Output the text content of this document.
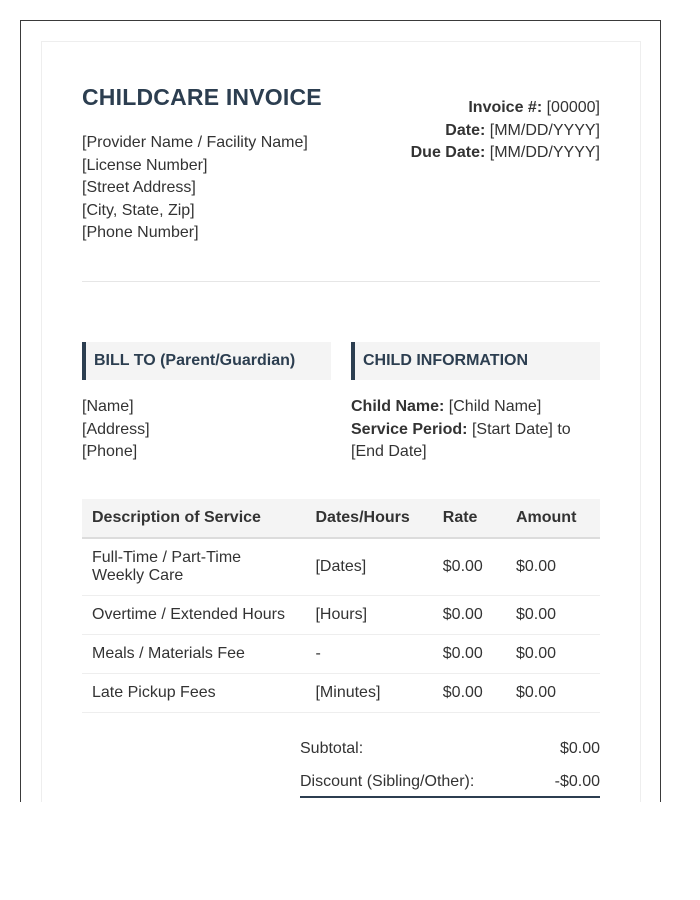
CHILDCARE INVOICE
[Provider Name / Facility Name]
[License Number]
[Street Address]
[City, State, Zip]
[Phone Number]
Invoice #: [00000]
Date: [MM/DD/YYYY]
Due Date: [MM/DD/YYYY]
BILL TO (Parent/Guardian)	CHILD INFORMATION
[Name]
[Address]
[Phone]
Child Name: [Child Name]
Service Period: [Start Date] to
[End Date]
Description of Service	Dates/Hours	Rate	Amount
Full-Time / Part-Time Weekly Care	[Dates]	$0.00	$0.00
Overtime / Extended Hours	[Hours]	$0.00	$0.00
Meals / Materials Fee	-	$0.00	$0.00
Late Pickup Fees	[Minutes]	$0.00	$0.00
Subtotal:	$0.00
Discount (Sibling/Other):	-$0.00
